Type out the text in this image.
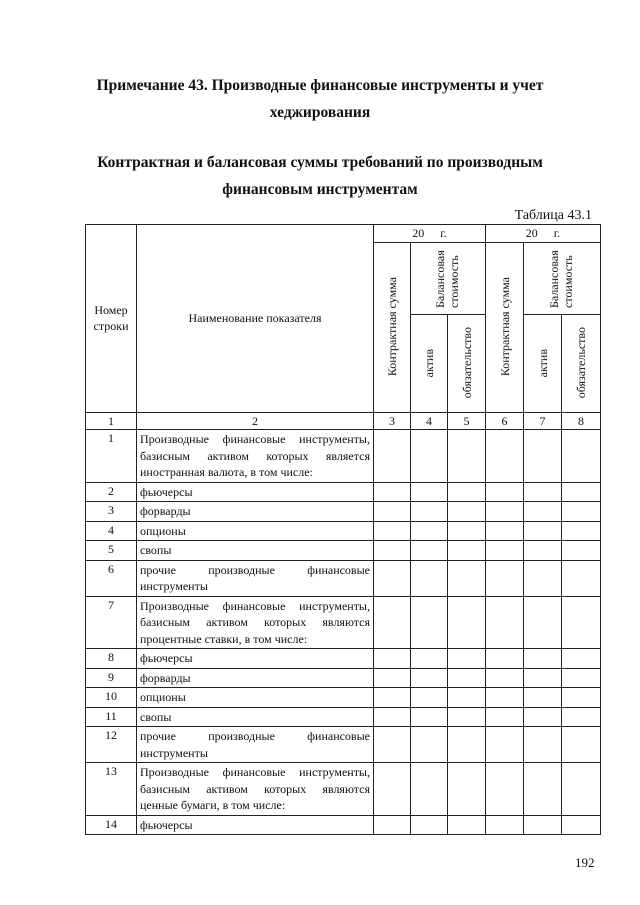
Примечание 43. Производные финансовые инструменты и учет
хеджирования
Контрактная и балансовая суммы требований по производным
финансовым инструментам
Таблица 43.1
Номер строки	Наименование показателя	20 г.			20 г.		

		Контрактная сумма	Балансовая стоимость		Контрактная сумма	Балансовая стоимость	

			актив	обязательство		актив	обязательство

1	2	3	4	5	6	7	8
1	Производные финансовые инструменты, базисным активом которых является иностранная валюта, в том числе:						
2	фьючерсы						
3	форварды						
4	опционы						
5	свопы						
6	прочие производные финансовые инструменты						
7	Производные финансовые инструменты, базисным активом которых являются процентные ставки, в том числе:						
8	фьючерсы						
9	форварды						
10	опционы						
11	свопы						
12	прочие производные финансовые инструменты						
13	Производные финансовые инструменты, базисным активом которых являются ценные бумаги, в том числе:						
14	фьючерсы						
192
